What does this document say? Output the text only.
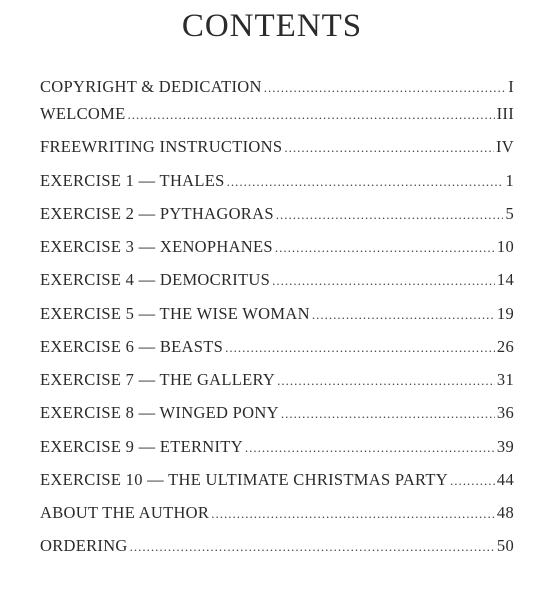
CONTENTS
COPYRIGHT & DEDICATION .....	I
WELCOME .....	III
FREEWRITING INSTRUCTIONS .....	IV
EXERCISE 1 — THALES .....	1
EXERCISE 2 — PYTHAGORAS .....	5
EXERCISE 3 — XENOPHANES .....	10
EXERCISE 4 — DEMOCRITUS .....	14
EXERCISE 5 — THE WISE WOMAN .....	19
EXERCISE 6 — BEASTS .....	26
EXERCISE 7 — THE GALLERY .....	31
EXERCISE 8 — WINGED PONY .....	36
EXERCISE 9 — ETERNITY .....	39
EXERCISE 10 — THE ULTIMATE CHRISTMAS PARTY .....	44
ABOUT THE AUTHOR .....	48
ORDERING .....	50
